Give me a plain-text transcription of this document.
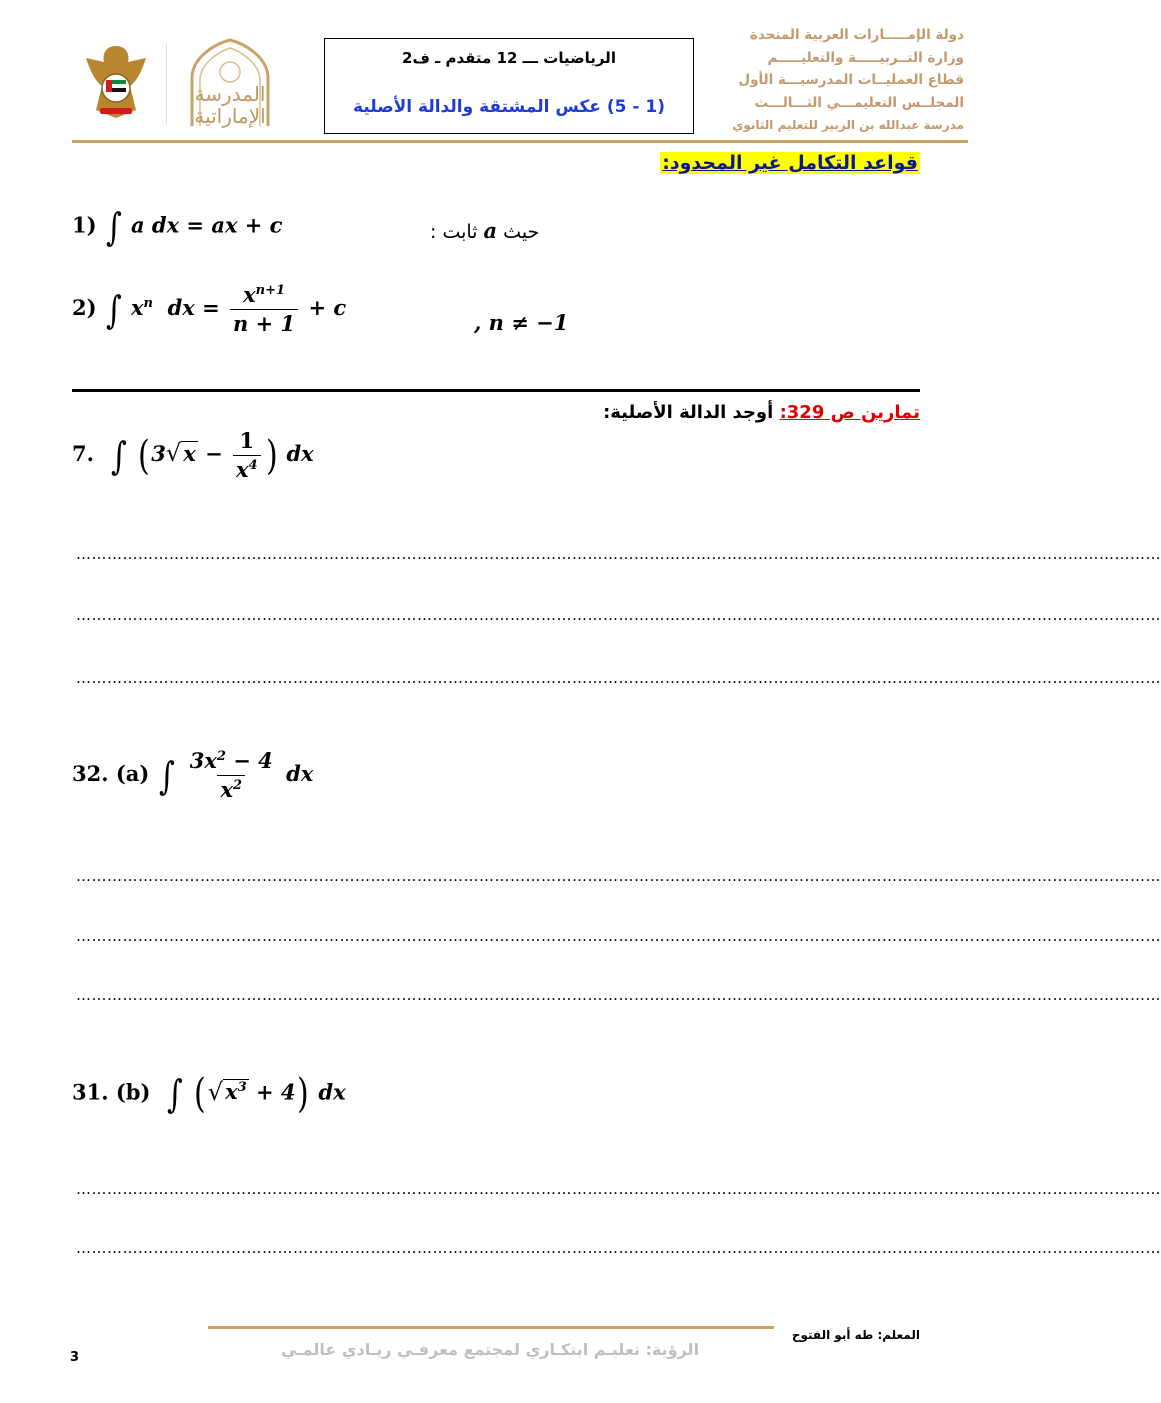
المدرسة
الإماراتية
الرياضيات ـــ 12 متقدم ـ ف2
(1 - 5) عكس المشتقة والدالة الأصلية
دولة الإمـــــارات العربية المتحدة
وزارة التــربيـــــة والتعليـــــم
قطاع العمليــات المدرسيـــة الأول
المجلــس التعليمـــي الثـــالـــث
مدرسة عبدالله بن الزبير للتعليم الثانوي
قواعد التكامل غير المحدود:
1) ∫ a dx = ax + c	ثابت : a حيث
2) ∫ $x^n$ dx = $\frac{x^{n+1}}{n + 1} + c$
, n ≠ −1
تمارين ص 329: أوجد الدالة الأصلية:
7. ∫ (3 √ $x - \frac{1}{x^4}$ ) dx
…………………………………………………………………………………………………………………………………………………………………………………………
…………………………………………………………………………………………………………………………………………………………………………………………
…………………………………………………………………………………………………………………………………………………………………………………………
32. (a) ∫ $\frac{3x^2 - 4}{x^2}$ dx
…………………………………………………………………………………………………………………………………………………………………………………………
…………………………………………………………………………………………………………………………………………………………………………………………
…………………………………………………………………………………………………………………………………………………………………………………………
31. (b) ∫ ( √ $x^3 + 4$) dx
…………………………………………………………………………………………………………………………………………………………………………………………
…………………………………………………………………………………………………………………………………………………………………………………………
المعلم: طه أبو الفتوح
الرؤية: تعليـم ابتكـاري لمجتمع معرفـي ريـادي عالمـي
3
